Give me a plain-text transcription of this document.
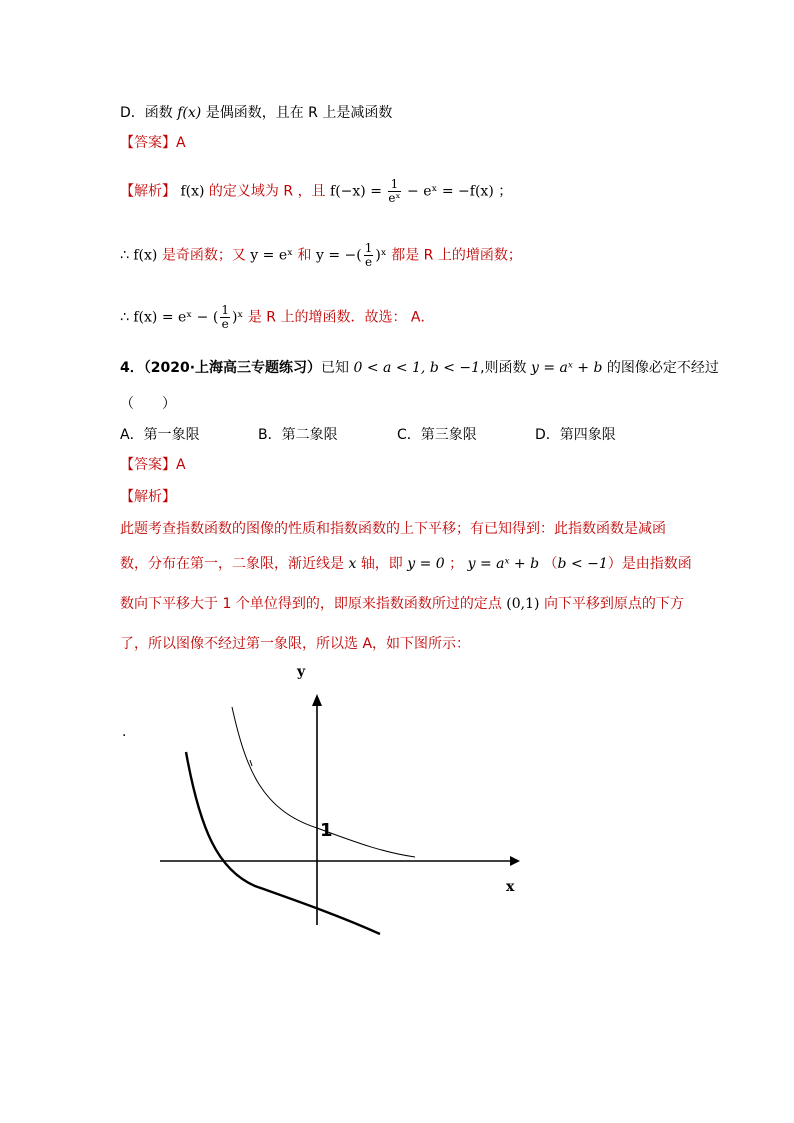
D．函数 f(x) 是偶函数，且在 R 上是减函数
【答案】A
【解析】 f(x) 的定义域为 R ，且 $f(-x) = \frac{1}{\text{eˣ}}$ − eˣ = −f(x) ；
∴ f(x) 是奇函数；又 y = eˣ 和 y = −( $\frac{1}{e}$ )ˣ 都是 R 上的增函数；
∴ f(x) = eˣ − ( $\frac{1}{e}$ )ˣ 是 R 上的增函数．故选： A．
4．（2020·上海高三专题练习）已知 0 < a < 1, b < −1,则函数 y = aˣ + b 的图像必定不经过
（　　）
A．第一象限	B．第二象限	C．第三象限	D．第四象限
【答案】A
【解析】
此题考查指数函数的图像的性质和指数函数的上下平移；有已知得到：此指数函数是减函
数，分布在第一，二象限，渐近线是 x 轴，即 y = 0 ； y = aˣ + b （b < −1）是由指数函
数向下平移大于 1 个单位得到的，即原来指数函数所过的定点 (0,1) 向下平移到原点的下方
了，所以图像不经过第一象限，所以选 A，如下图所示：
y
x
1
.
